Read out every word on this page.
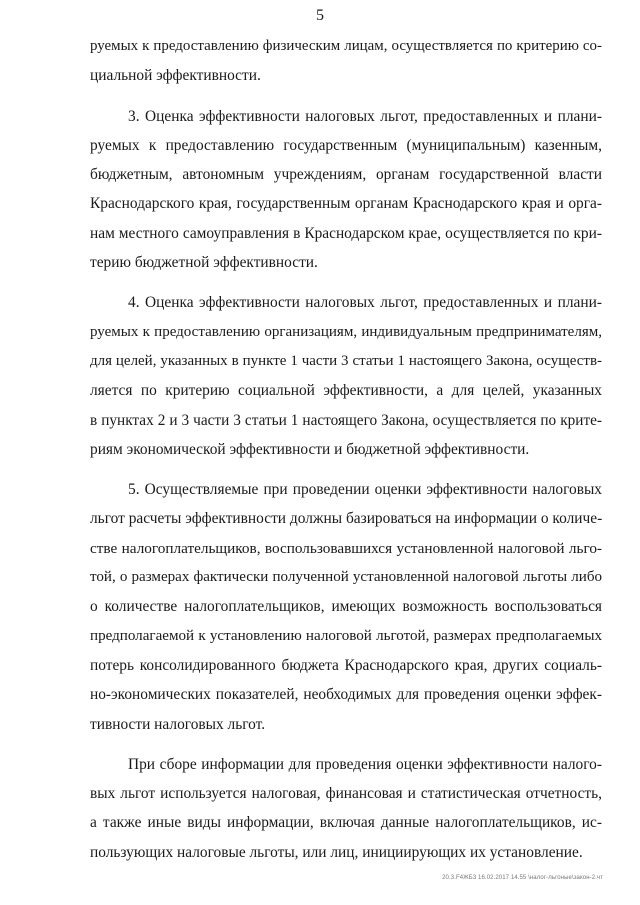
5

руемых к предоставлению физическим лицам, осуществляется по критерию со-
циальной эффективности.

3. Оценка эффективности налоговых льгот, предоставленных и плани-
руемых к предоставлению государственным (муниципальным) казенным,
бюджетным, автономным учреждениям, органам государственной власти
Краснодарского края, государственным органам Краснодарского края и орга-
нам местного самоуправления в Краснодарском крае, осуществляется по кри-
терию бюджетной эффективности.

4. Оценка эффективности налоговых льгот, предоставленных и плани-
руемых к предоставлению организациям, индивидуальным предпринимателям,
для целей, указанных в пункте 1 части 3 статьи 1 настоящего Закона, осуществ-
ляется по критерию социальной эффективности, а для целей, указанных
в пунктах 2 и 3 части 3 статьи 1 настоящего Закона, осуществляется по крите-
риям экономической эффективности и бюджетной эффективности.

5. Осуществляемые при проведении оценки эффективности налоговых
льгот расчеты эффективности должны базироваться на информации о количе-
стве налогоплательщиков, воспользовавшихся установленной налоговой льго-
той, о размерах фактически полученной установленной налоговой льготы либо
о количестве налогоплательщиков, имеющих возможность воспользоваться
предполагаемой к установлению налоговой льготой, размерах предполагаемых
потерь консолидированного бюджета Краснодарского края, других социаль-
но-экономических показателей, необходимых для проведения оценки эффек-
тивности налоговых льгот.

При сборе информации для проведения оценки эффективности налого-
вых льгот используется налоговая, финансовая и статистическая отчетность,
а также иные виды информации, включая данные налогоплательщиков, ис-
пользующих налоговые льготы, или лиц, инициирующих их установление.

20.3.F4ЖБ3 16.02.2017 14.55 \налог-льгоные\закон-2.чт
